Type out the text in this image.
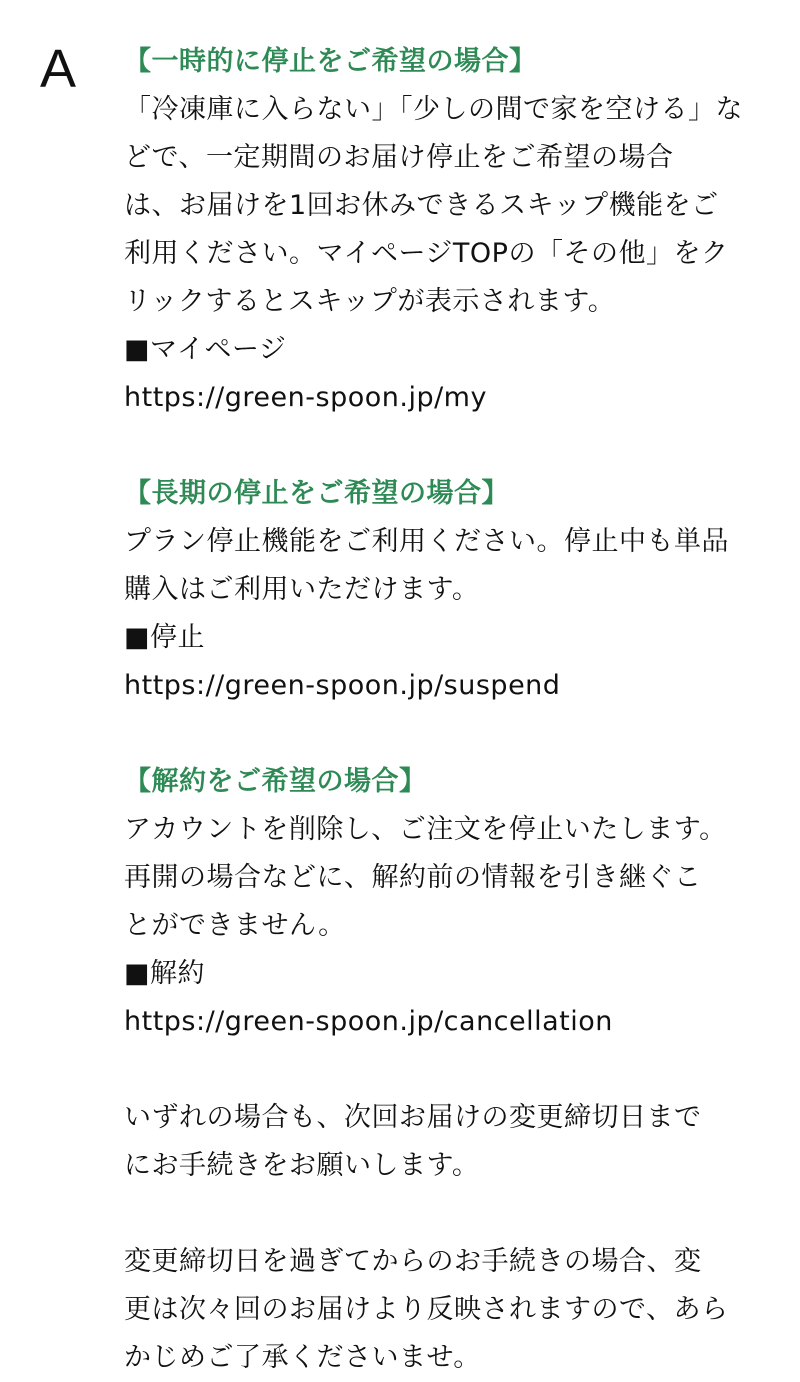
A 【一時的に停止をご希望の場合】
「冷凍庫に入らない」「少しの間で家を空ける」な
どで、一定期間のお届け停止をご希望の場合
は、お届けを1回お休みできるスキップ機能をご
利用ください。マイページTOPの「その他」をク
リックするとスキップが表示されます。
■マイページ
https://green-spoon.jp/my
【長期の停止をご希望の場合】
プラン停止機能をご利用ください。停止中も単品
購入はご利用いただけます。
■停止
https://green-spoon.jp/suspend
【解約をご希望の場合】
アカウントを削除し、ご注文を停止いたします。
再開の場合などに、解約前の情報を引き継ぐこ
とができません。
■解約
https://green-spoon.jp/cancellation
いずれの場合も、次回お届けの変更締切日まで
にお手続きをお願いします。
変更締切日を過ぎてからのお手続きの場合、変
更は次々回のお届けより反映されますので、あら
かじめご了承くださいませ。
